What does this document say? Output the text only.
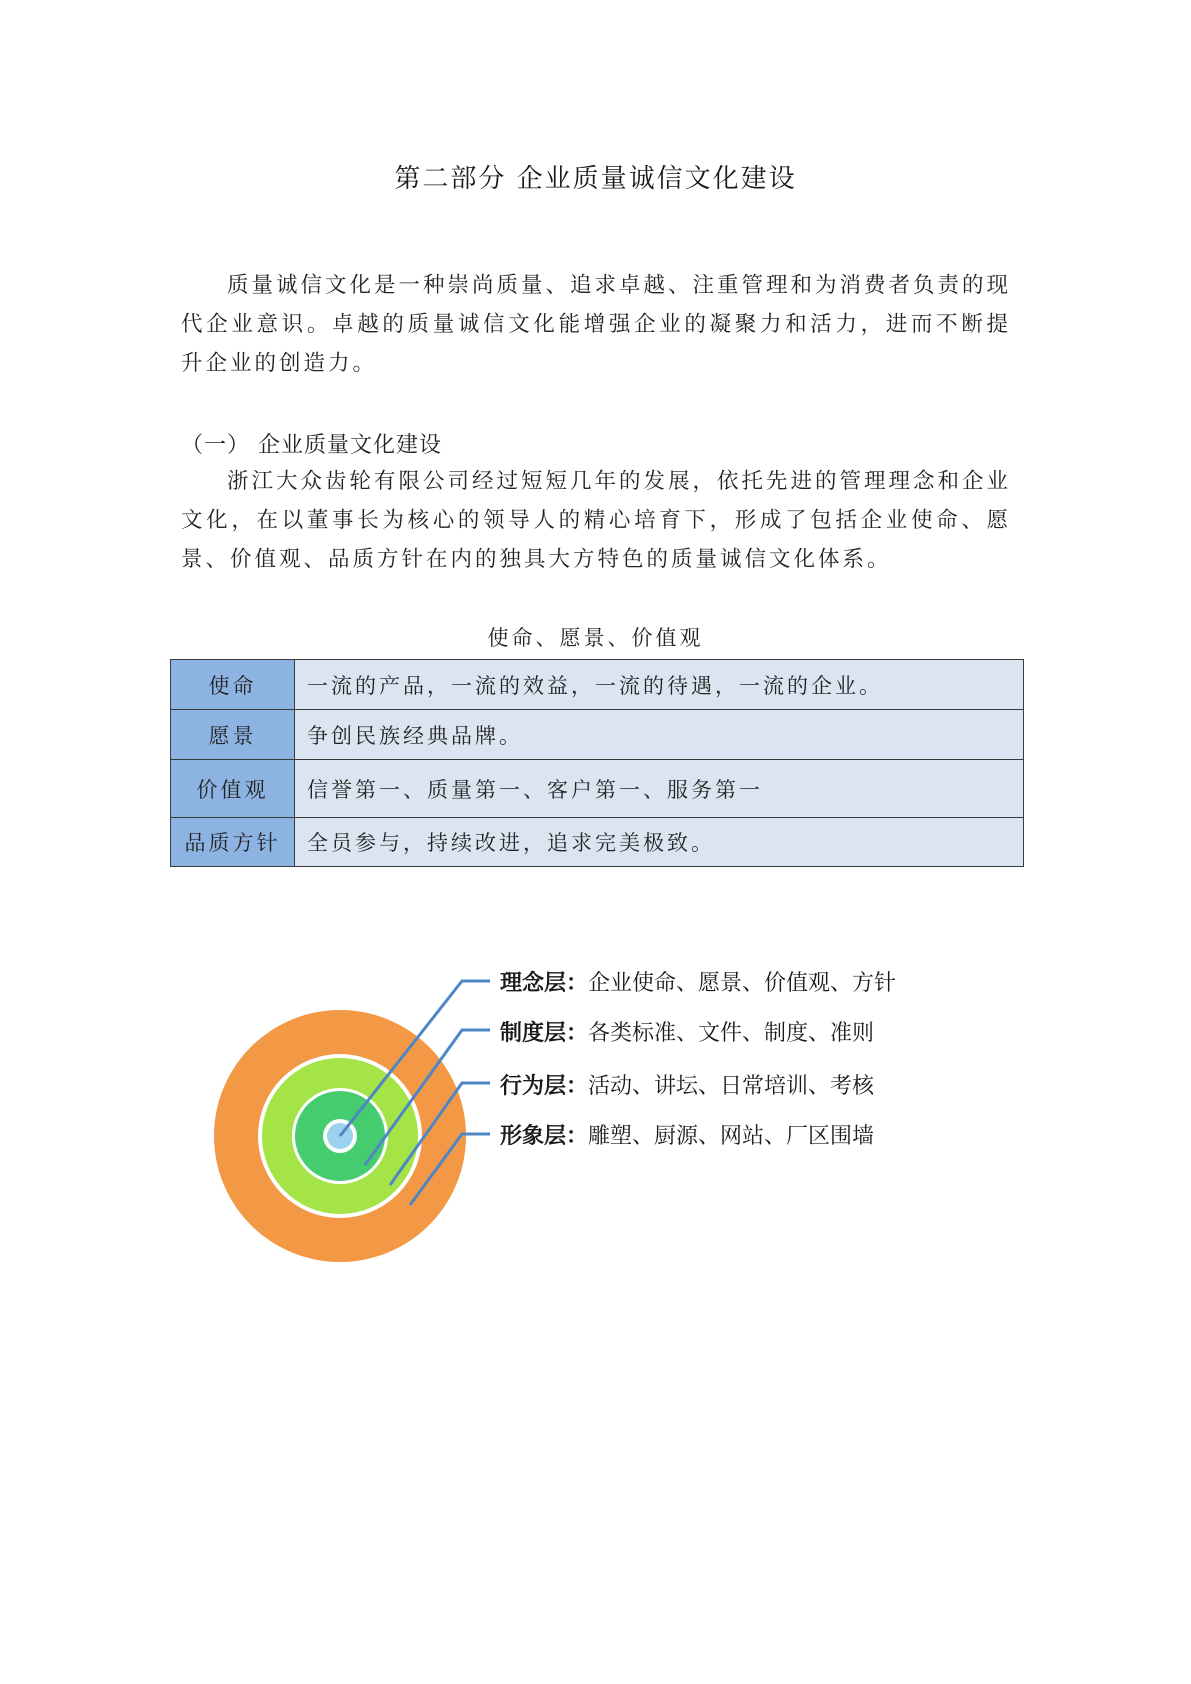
第二部分 企业质量诚信文化建设

质量诚信文化是一种崇尚质量、追求卓越、注重管理和为消费者负责的现代企业意识。卓越的质量诚信文化能增强企业的凝聚力和活力，进而不断提升企业的创造力。

（一） 企业质量文化建设

浙江大众齿轮有限公司经过短短几年的发展，依托先进的管理理念和企业文化，在以董事长为核心的领导人的精心培育下，形成了包括企业使命、愿景、价值观、品质方针在内的独具大方特色的质量诚信文化体系。

使命、愿景、价值观
使命	一流的产品，一流的效益，一流的待遇，一流的企业。
愿景	争创民族经典品牌。
价值观	信誉第一、质量第一、客户第一、服务第一
品质方针	全员参与，持续改进，追求完美极致。
理念层：企业使命、愿景、价值观、方针
制度层：各类标准、文件、制度、准则
行为层：活动、讲坛、日常培训、考核
形象层：雕塑、厨源、网站、厂区围墙
